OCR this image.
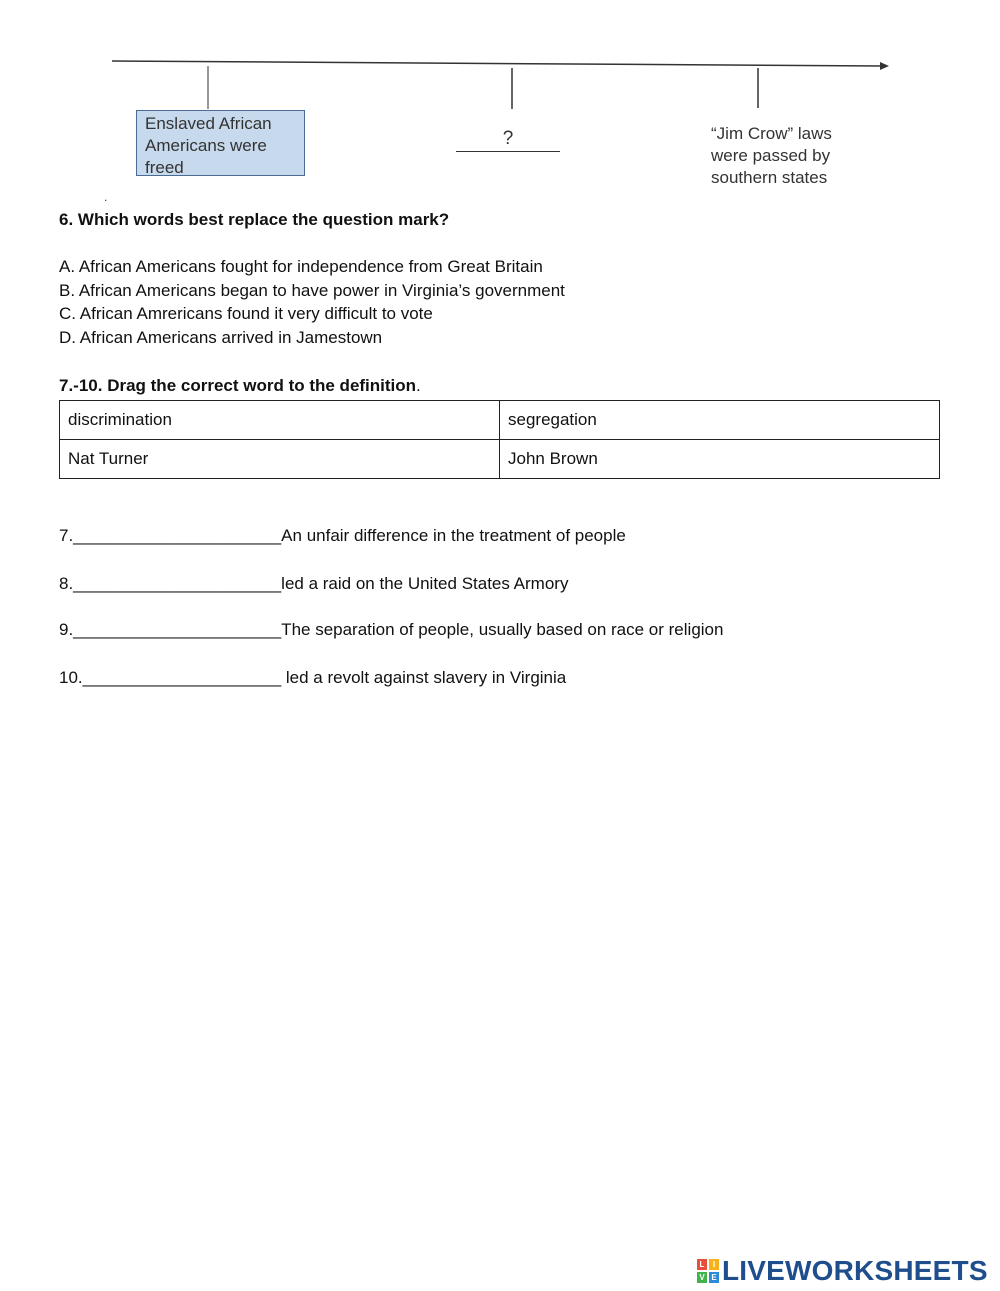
Enslaved African Americans were freed
?	“Jim Crow” laws were passed by southern states
.
6. Which words best replace the question mark?
A. African Americans fought for independence from Great Britain
B. African Americans began to have power in Virginia’s government
C. African Amrericans found it very difficult to vote
D. African Americans arrived in Jamestown
7.-10. Drag the correct word to the definition.
discrimination	segregation
Nat Turner	John Brown
7.______________________An unfair difference in the treatment of people
8.______________________led a raid on the United States Armory
9.______________________The separation of people, usually based on race or religion
10._____________________ led a revolt against slavery in Virginia
L	I
V E LIVEWORKSHEETS
